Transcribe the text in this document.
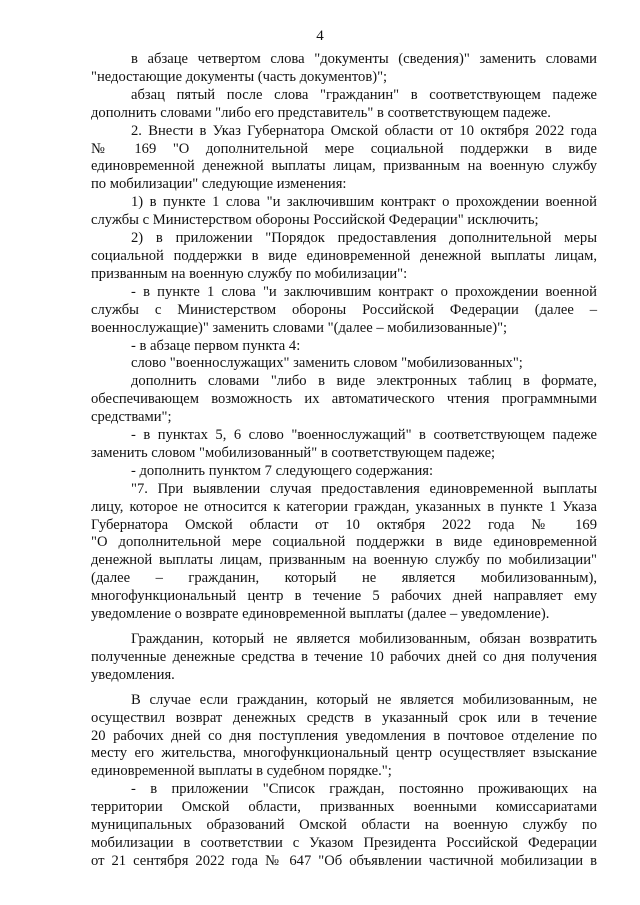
4
в абзаце четвертом слова "документы (сведения)" заменить словами
"недостающие документы (часть документов)";
абзац пятый после слова "гражданин" в соответствующем падеже
дополнить словами "либо его представитель" в соответствующем падеже.
2. Внести в Указ Губернатора Омской области от 10 октября 2022 года
№ 169 "О дополнительной мере социальной поддержки в виде
единовременной денежной выплаты лицам, призванным на военную службу
по мобилизации" следующие изменения:
1) в пункте 1 слова "и заключившим контракт о прохождении военной
службы с Министерством обороны Российской Федерации" исключить;
2) в приложении "Порядок предоставления дополнительной меры
социальной поддержки в виде единовременной денежной выплаты лицам,
призванным на военную службу по мобилизации":
- в пункте 1 слова "и заключившим контракт о прохождении военной
службы с Министерством обороны Российской Федерации (далее –
военнослужащие)" заменить словами "(далее – мобилизованные)";
- в абзаце первом пункта 4:
слово "военнослужащих" заменить словом "мобилизованных";
дополнить словами "либо в виде электронных таблиц в формате,
обеспечивающем возможность их автоматического чтения программными
средствами";
- в пунктах 5, 6 слово "военнослужащий" в соответствующем падеже
заменить словом "мобилизованный" в соответствующем падеже;
- дополнить пунктом 7 следующего содержания:
"7. При выявлении случая предоставления единовременной выплаты
лицу, которое не относится к категории граждан, указанных в пункте 1 Указа
Губернатора Омской области от 10 октября 2022 года № 169
"О дополнительной мере социальной поддержки в виде единовременной
денежной выплаты лицам, призванным на военную службу по мобилизации"
(далее – гражданин, который не является мобилизованным),
многофункциональный центр в течение 5 рабочих дней направляет ему
уведомление о возврате единовременной выплаты (далее – уведомление).
Гражданин, который не является мобилизованным, обязан возвратить
полученные денежные средства в течение 10 рабочих дней со дня получения
уведомления.
В случае если гражданин, который не является мобилизованным, не
осуществил возврат денежных средств в указанный срок или в течение
20 рабочих дней со дня поступления уведомления в почтовое отделение по
месту его жительства, многофункциональный центр осуществляет взыскание
единовременной выплаты в судебном порядке.";
- в приложении "Список граждан, постоянно проживающих на
территории Омской области, призванных военными комиссариатами
муниципальных образований Омской области на военную службу по
мобилизации в соответствии с Указом Президента Российской Федерации
от 21 сентября 2022 года № 647 "Об объявлении частичной мобилизации в
